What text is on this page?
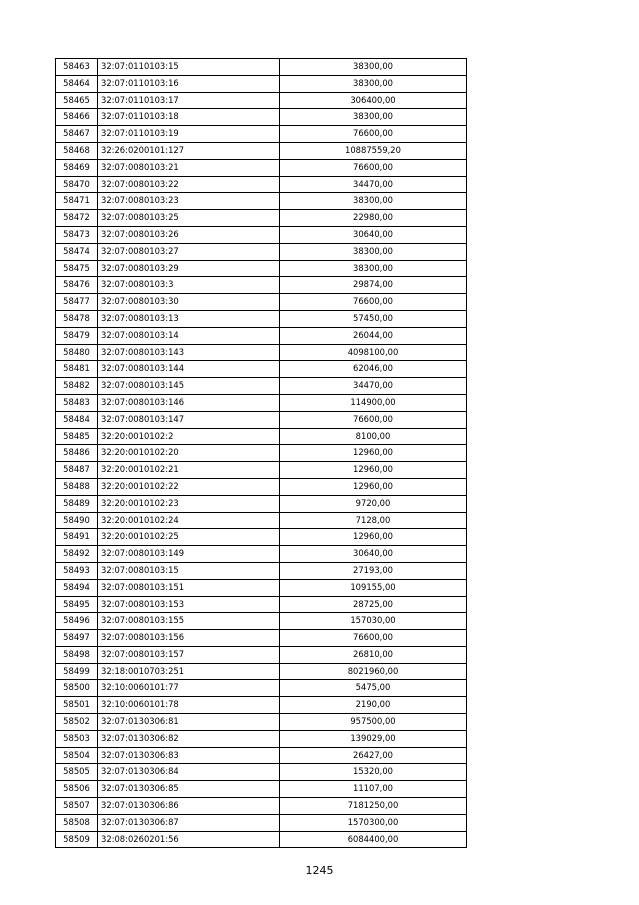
58463	32:07:0110103:15	38300,00
58464	32:07:0110103:16	38300,00
58465	32:07:0110103:17	306400,00
58466	32:07:0110103:18	38300,00
58467	32:07:0110103:19	76600,00
58468	32:26:0200101:127	10887559,20
58469	32:07:0080103:21	76600,00
58470	32:07:0080103:22	34470,00
58471	32:07:0080103:23	38300,00
58472	32:07:0080103:25	22980,00
58473	32:07:0080103:26	30640,00
58474	32:07:0080103:27	38300,00
58475	32:07:0080103:29	38300,00
58476	32:07:0080103:3	29874,00
58477	32:07:0080103:30	76600,00
58478	32:07:0080103:13	57450,00
58479	32:07:0080103:14	26044,00
58480	32:07:0080103:143	4098100,00
58481	32:07:0080103:144	62046,00
58482	32:07:0080103:145	34470,00
58483	32:07:0080103:146	114900,00
58484	32:07:0080103:147	76600,00
58485	32:20:0010102:2	8100,00
58486	32:20:0010102:20	12960,00
58487	32:20:0010102:21	12960,00
58488	32:20:0010102:22	12960,00
58489	32:20:0010102:23	9720,00
58490	32:20:0010102:24	7128,00
58491	32:20:0010102:25	12960,00
58492	32:07:0080103:149	30640,00
58493	32:07:0080103:15	27193,00
58494	32:07:0080103:151	109155,00
58495	32:07:0080103:153	28725,00
58496	32:07:0080103:155	157030,00
58497	32:07:0080103:156	76600,00
58498	32:07:0080103:157	26810,00
58499	32:18:0010703:251	8021960,00
58500	32:10:0060101:77	5475,00
58501	32:10:0060101:78	2190,00
58502	32:07:0130306:81	957500,00
58503	32:07:0130306:82	139029,00
58504	32:07:0130306:83	26427,00
58505	32:07:0130306:84	15320,00
58506	32:07:0130306:85	11107,00
58507	32:07:0130306:86	7181250,00
58508	32:07:0130306:87	1570300,00
58509	32:08:0260201:56	6084400,00
1245
